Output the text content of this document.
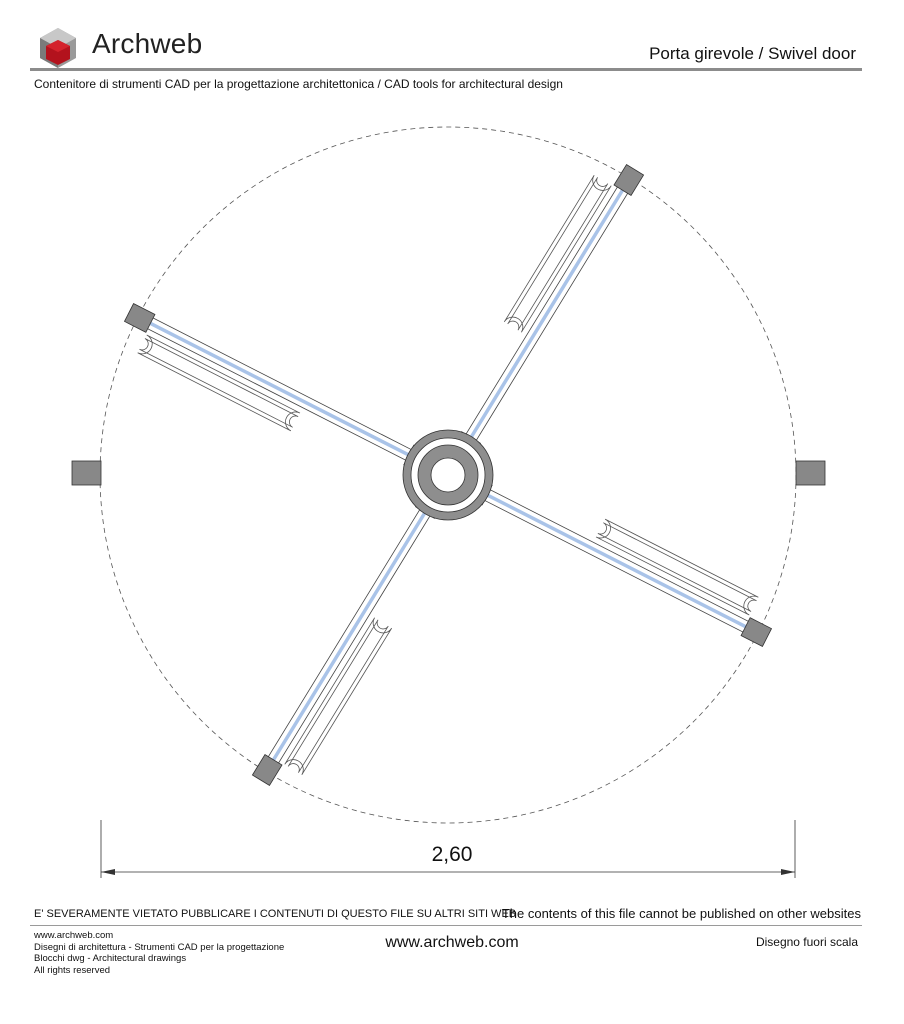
Archweb	Porta girevole / Swivel door
Contenitore di strumenti CAD per la progettazione architettonica / CAD tools for architectural design
2,60
E' SEVERAMENTE VIETATO PUBBLICARE I CONTENUTI DI QUESTO FILE SU ALTRI SITI WEB
The contents of this file cannot be published on other websites
www.archweb.com
Disegni di architettura - Strumenti CAD per la progettazione
Blocchi dwg - Architectural drawings
All rights reserved
www.archweb.com	Disegno fuori scala
